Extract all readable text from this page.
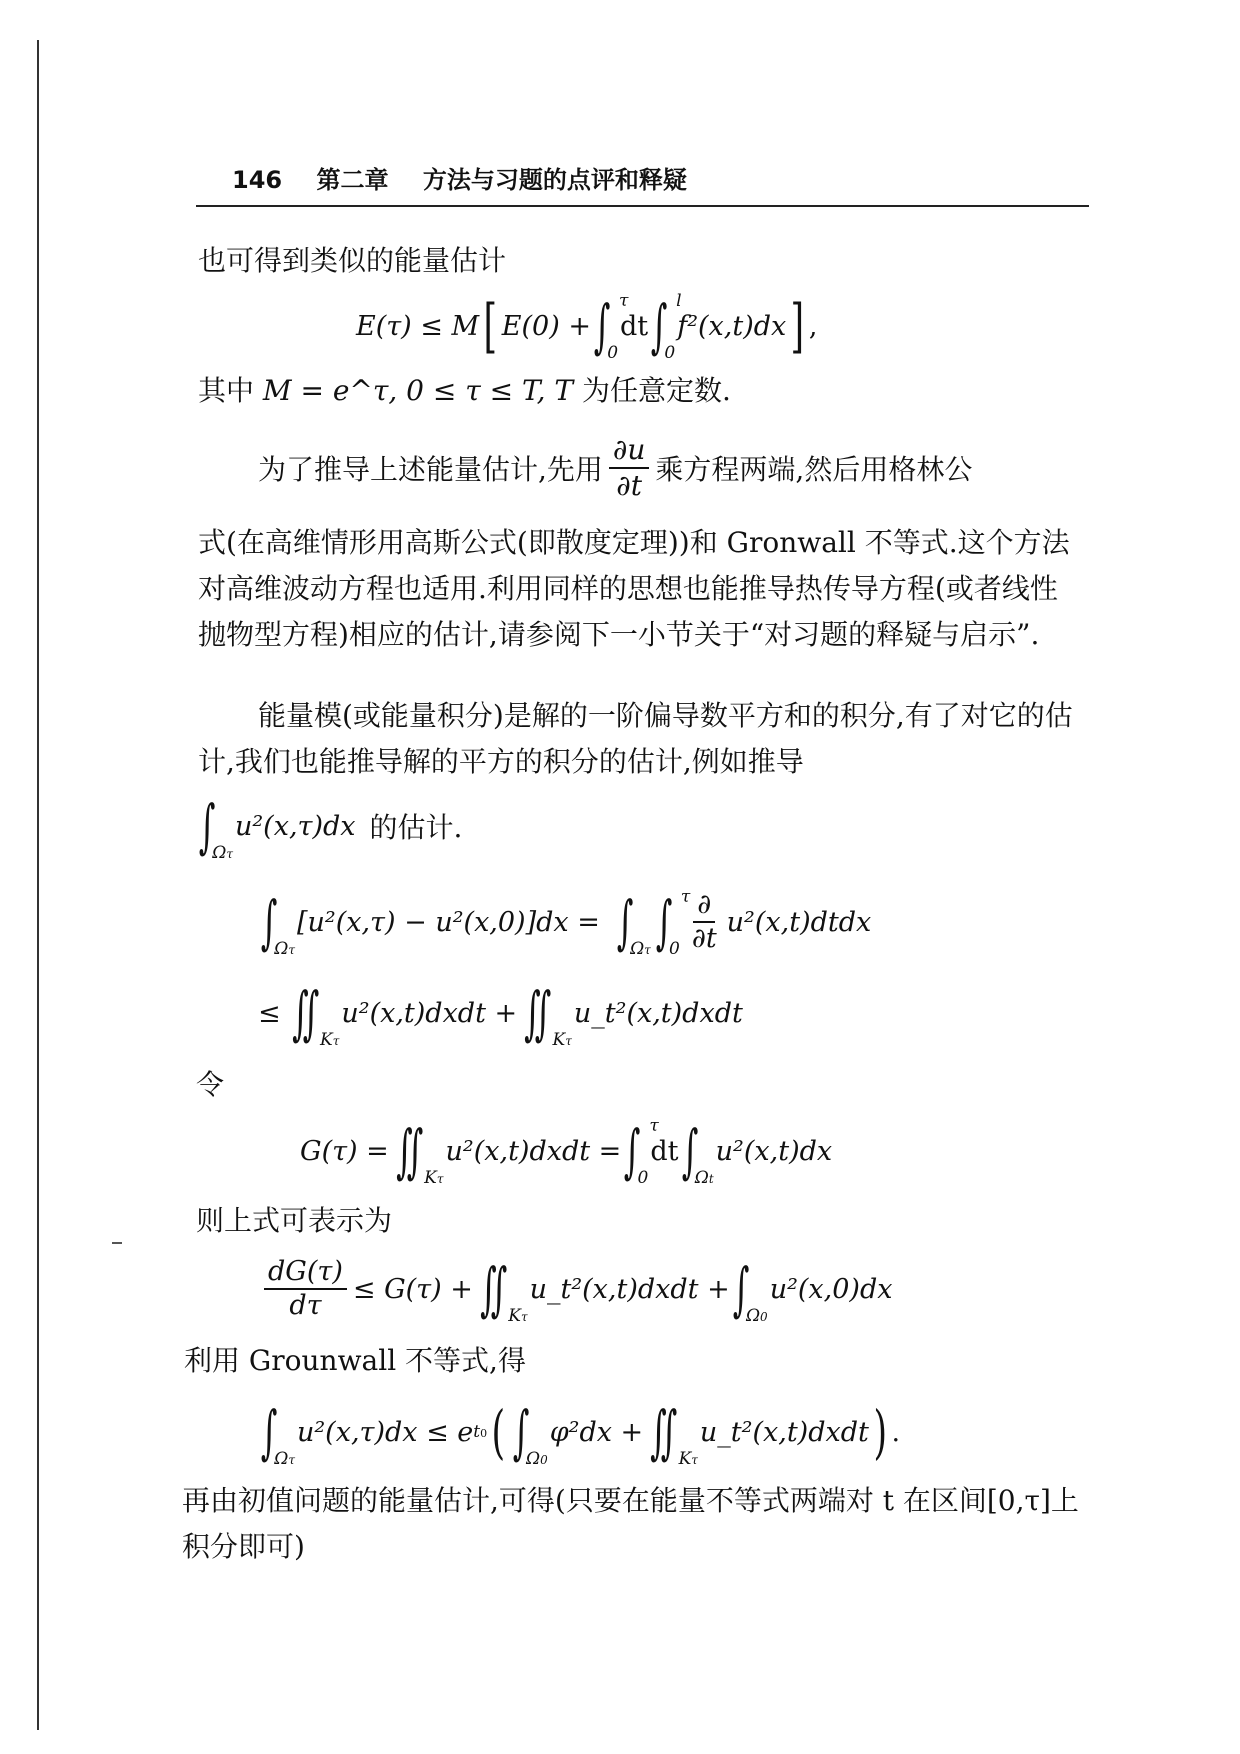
146 第二章 方法与习题的点评和释疑
也可得到类似的能量估计
E(τ) ≤ M [ E(0) + ∫ τ
0
dt ∫ l
0
f²(x,t)dx ] ,
其中 M = e^τ, 0 ≤ τ ≤ T, T 为任意定数.
为了推导上述能量估计,先用 $\frac{\partial u}{\partial t}$ 乘方程两端,然后用格林公
式(在高维情形用高斯公式(即散度定理))和 Gronwall 不等式.这个方法对高维波动方程也适用.利用同样的思想也能推导热传导方程(或者线性抛物型方程)相应的估计,请参阅下一小节关于“对习题的释疑与启示”.
能量模(或能量积分)是解的一阶偏导数平方和的积分,有了对它的估计,我们也能推导解的平方的积分的估计,例如推导
∫
Ωτ
u²(x,τ)dx 的估计.
∫
Ωτ
[u²(x,τ) − u²(x,0)]dx = ∫
Ωτ ∫ τ
$0 \frac{\partial}{\partial t}$ u²(x,t)dtdx
≤ ∬ Kτ
u²(x,t)dxdt + ∬ Kτ
u_t²(x,t)dxdt
令
G(τ) = ∬ Kτ
u²(x,t)dxdt = ∫ τ
0
dt ∫
Ωt
u²(x,t)dx
则上式可表示为
$\frac{dG(\tau)}{d\tau} \le G(\tau)$ + ∬ Kτ
u_t²(x,t)dxdt + ∫
Ω0
u²(x,0)dx
利用 Grounwall 不等式,得
∫
Ωτ
u²(x,τ)dx ≤ e t0 ( ∫
Ω0
φ²dx + ∬ Kτ
u_t²(x,t)dxdt ) .
再由初值问题的能量估计,可得(只要在能量不等式两端对 t 在区间[0,τ]上积分即可)
